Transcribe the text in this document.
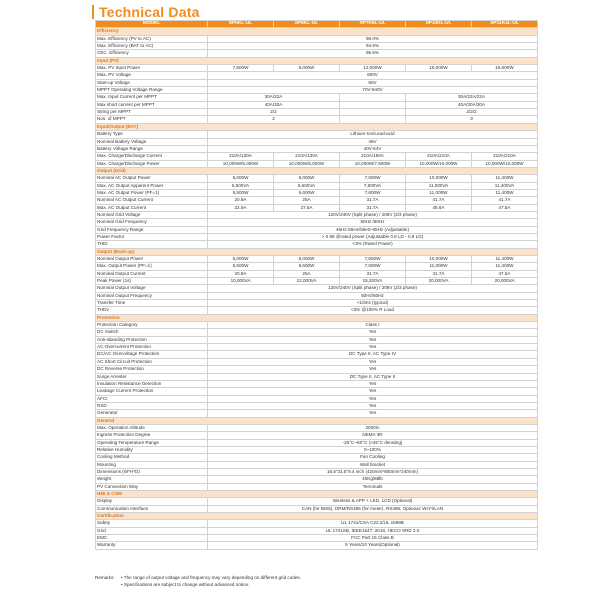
Technical Data
MODEL	SP5KL-UL	SP6KL-UL	SP7K6L-UL	SP10KL-UL	SP11K4L-UL
Efficiency					
Max. Efficiency (PV to AC)	98.0%				
Max. Efficiency (BAT to AC)	94.5%				
CEC. Efficiency	96.5%				
Input (PV)					
Max. PV Input Power	7,500W	9,000W	12,000W	15,000W	15,000W
Max. PV Voltage	600V				
Start-up Voltage	90V				
MPPT Operating Voltage Range	70V-540V				
Max. Input Current per MPPT	30A/22A			30A/22A/22A	
Max short current per MPPT	40A/30A			40A/30A/30A	
String per MPPT	2/2			2/2/2	
Nos. of MPPT	2			3	
Input/Output (BAT)					
Battery Type	Lithium-Ion/Lead-acid				
Nominal Battery Voltage	48V				
Battery Voltage Range	40V-64V				
Max. Charge/Discharge Current	210A/130A	210A/130A	210A/180A	210A/210A	210A/210A
Max. Charge/Discharge Power	10,000W/5,000W	10,000W/6,000W	10,000W/7,600W	10,000W/10,000W	10,000W/10,000W
Output (Grid)					
Nominal AC Output Power	5,000W	6,000W	7,600W	10,000W	11,400W
Max. AC Output Apparent Power	5,500VA	6,600VA	7,600VA	11,000VA	11,400VA
Max. AC Output Power (PF=1)	5,500W	6,600W	7,600W	11,000W	11,400W
Nominal AC Output Current	20.9A	25A	31.7A	41.7A	41.7A
Max. AC Output Current	22.9A	27.5A	31.7A	45.8A	47.5A
Nominal Grid Voltage	120V/240V (Split phase) / 208V (2/3 phase)				
Nominal Grid Frequency	50Hz /60Hz				
Grid Frequency Range	45Hz-55Hz/55Hz-65Hz (Adjustable)				
Power Factor	> 0.99 @rated power (Adjustable 0.8 LD - 0.8 LG)				
THDi	<3% (Rated Power)				
Output (Back-up)					
Nominal Output Power	5,000W	6,000W	7,600W	10,000W	11,400W
Max. Output Power (PF=1)	5,500W	6,600W	7,600W	11,000W	11,400W
Nominal Output Current	20.8A	25A	31.7A	41.7A	47.5A
Peak Power (1s)	10,000VA	12,000VA	15,200VA	20,000VA	20,000VA
Nominal Output Voltage	120V/240V (Split phase) / 208V (2/3 phase)				
Nominal Output Frequency	50Hz/60Hz				
Transfer Time	<10ms (typical)				
THDv	<3% @100% R Load				
Protection					
Protection Category	Class I				
DC Switch	Yes				
Anti-Islanding Protection	Yes				
AC Overcurrent Protection	Yes				
DC/AC Overvoltage Protection	DC Type II, AC Type IV				
AC Short Circuit Protection	Yes				
DC Reverse Protection	Yes				
Surge Arrester	DC Type II, AC Type II				
Insulation Resistance Detection	Yes				
Leakage Current Protection	Yes				
AFCI	Yes				
RSD	Yes				
Generator	Yes				
General					
Max. Operation Altitude	2000m				
Ingress Protection Degree	NEMA 3R				
Operating Temperature Range	-25°C~60°C (>45°C derating)				
Relative Humidity	0~100%				
Cooling Method	Fan Cooling				
Mounting	Wall bracket				
Dimensions (W*H*D)	16.5"31.5"9.4 inch (420mm*800mm*240mm)				
Weight	40Kg/88lb				
PV Connection Way	Terminals				
HMI & COM					
Display	Wireless & APP + LED, LCD (Optional)				
Communication Interface	CAN (for BMS), DRM/RS485 (for meter), RS485, Optional: Wi-Fi/LAN				
Certification					
Safety	UL 1741/CSA C22.2/UL 1699B				
Grid	UL 1741SB, IEEE1547: 2018, HECO SRD 2.0				
EMC	FCC Part 15 Class B				
Warranty	5 Years/10 Years(Optional)				
Remarks:	• The range of output voltage and frequency may vary depending on different grid codes.
• Specifications are subject to change without advanced notice.
